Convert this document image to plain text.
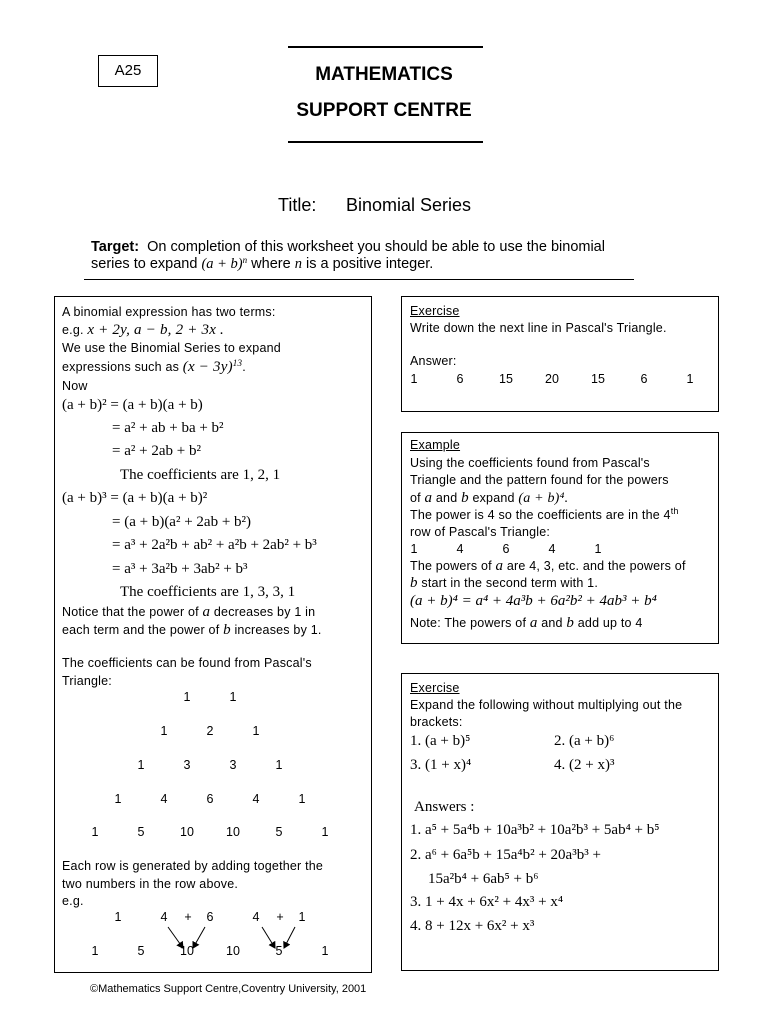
A25	MATHEMATICS
SUPPORT CENTRE
Title: Binomial Series
Target: On completion of this worksheet you should be able to use the binomial
series to expand $(a + b)^n$ where n is a positive integer.
A binomial expression has two terms:
e.g. x + 2y, a − b, 2 + 3x .
We use the Binomial Series to expand
expressions such as $(x - 3y)^{13}$.
Now
(a + b)² = (a + b)(a + b)
= a² + ab + ba + b²
= a² + 2ab + b²
The coefficients are 1, 2, 1
(a + b)³ = (a + b)(a + b)²
= (a + b)(a² + 2ab + b²)
= a³ + 2a²b + ab² + a²b + 2ab² + b³
= a³ + 3a²b + 3ab² + b³
The coefficients are 1, 3, 3, 1
Notice that the power of a decreases by 1 in
each term and the power of b increases by 1.
The coefficients can be found from Pascal's
Triangle:
1	1
1	2	1
1	3	3	1
1	4	6	4	1
1	5	10	10	5	1
Each row is generated by adding together the
two numbers in the row above.
e.g.
1	4	+	6	4	+	1
1	5	10	10	5	1
Exercise
Write down the next line in Pascal's Triangle.
Answer:
1	6	15	20	15	6	1
Example
Using the coefficients found from Pascal's
Triangle and the pattern found for the powers
of a and b expand (a + b)⁴.
The power is 4 so the coefficients are in the 4th
row of Pascal's Triangle:
1	4	6	4	1
The powers of a are 4, 3, etc. and the powers of
b start in the second term with 1.
(a + b)⁴ = a⁴ + 4a³b + 6a²b² + 4ab³ + b⁴
Note: The powers of a and b add up to 4
Exercise
Expand the following without multiplying out the
brackets:
1. (a + b)⁵	2. (a + b)⁶
3. (1 + x)⁴	4. (2 + x)³
Answers :
1. a⁵ + 5a⁴b + 10a³b² + 10a²b³ + 5ab⁴ + b⁵
2. a⁶ + 6a⁵b + 15a⁴b² + 20a³b³ +
15a²b⁴ + 6ab⁵ + b⁶
3. 1 + 4x + 6x² + 4x³ + x⁴
4. 8 + 12x + 6x² + x³
©Mathematics Support Centre,Coventry University, 2001
